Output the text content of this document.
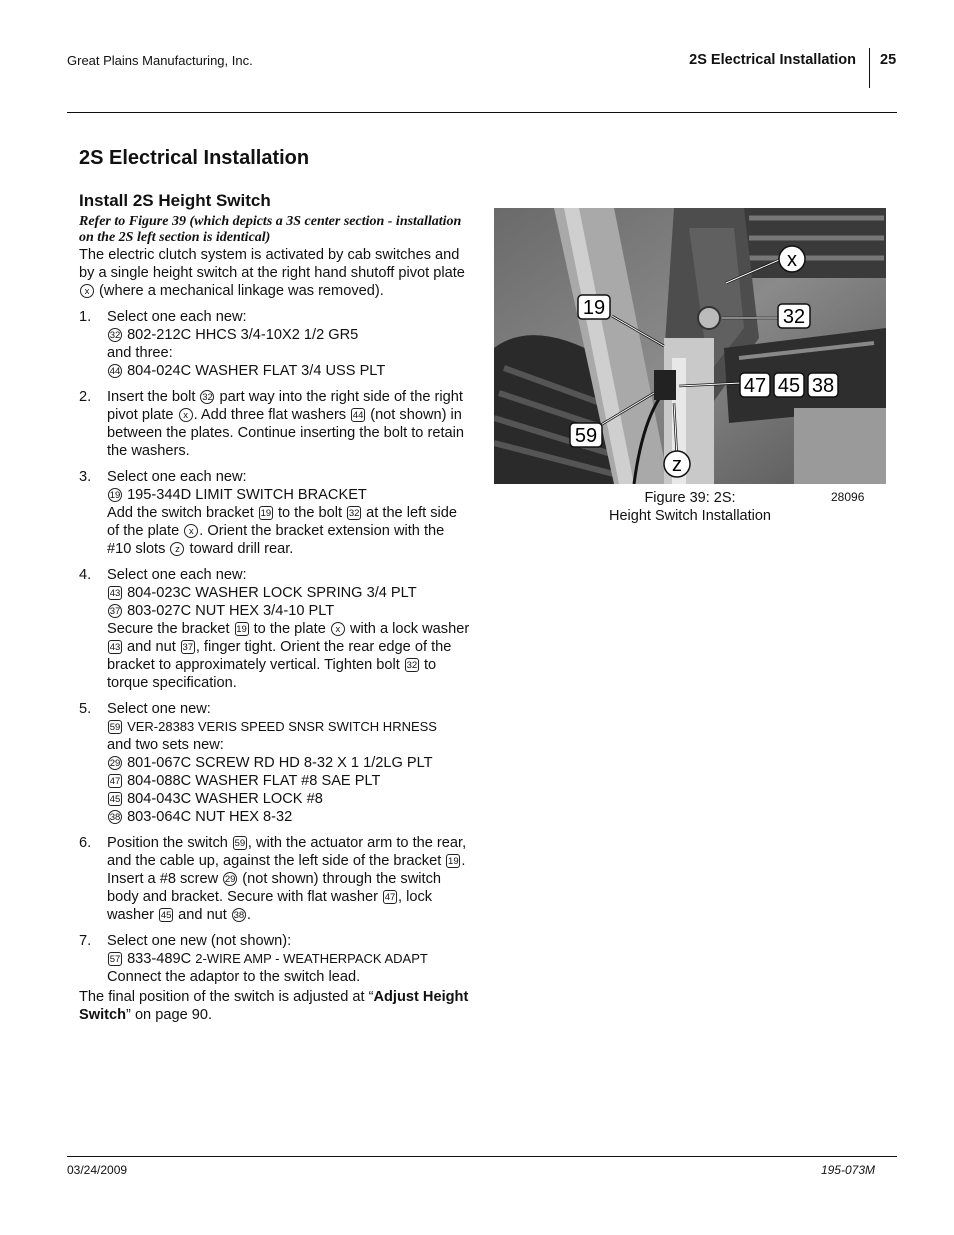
Great Plains Manufacturing, Inc.	2S Electrical Installation 25
2S Electrical Installation
Install 2S Height Switch

Refer to Figure 39 (which depicts a 3S center section - installation on the 2S left section is identical)

The electric clutch system is activated by cab switches and by a single height switch at the right hand shutoff pivot plate x (where a mechanical linkage was removed).

1. Select one each new:
32 802-212C HHCS 3/4-10X2 1/2 GR5
and three:
44 804-024C WASHER FLAT 3/4 USS PLT
2. Insert the bolt 32 part way into the right side of the right pivot plate x . Add three flat washers 44 (not shown) in between the plates. Continue inserting the bolt to retain the washers.
3. Select one each new:
19 195-344D LIMIT SWITCH BRACKET
Add the switch bracket 19 to the bolt 32 at the left side of the plate x . Orient the bracket extension with the #10 slots z toward drill rear.
4. Select one each new:
43 804-023C WASHER LOCK SPRING 3/4 PLT
37 803-027C NUT HEX 3/4-10 PLT
Secure the bracket 19 to the plate x with a lock washer 43 and nut 37 , finger tight. Orient the rear edge of the bracket to approximately vertical. Tighten bolt 32 to torque specification.
5. Select one new:
59 VER-28383 VERIS SPEED SNSR SWITCH HRNESS
and two sets new:
29 801-067C SCREW RD HD 8-32 X 1 1/2LG PLT
47 804-088C WASHER FLAT #8 SAE PLT
45 804-043C WASHER LOCK #8
38 803-064C NUT HEX 8-32
6. Position the switch 59 , with the actuator arm to the rear, and the cable up, against the left side of the bracket 19 . Insert a #8 screw 29 (not shown) through the switch body and bracket. Secure with flat washer 47 , lock washer 45 and nut 38 .
7. Select one new (not shown):
57 833-489C 2-WIRE AMP - WEATHERPACK ADAPT
Connect the adaptor to the switch lead.

The final position of the switch is adjusted at “Adjust Height Switch” on page 90.

x
19	32
47 45 38
59
z
Figure 39: 2S:
Height Switch Installation
28096
03/24/2009	195-073M
